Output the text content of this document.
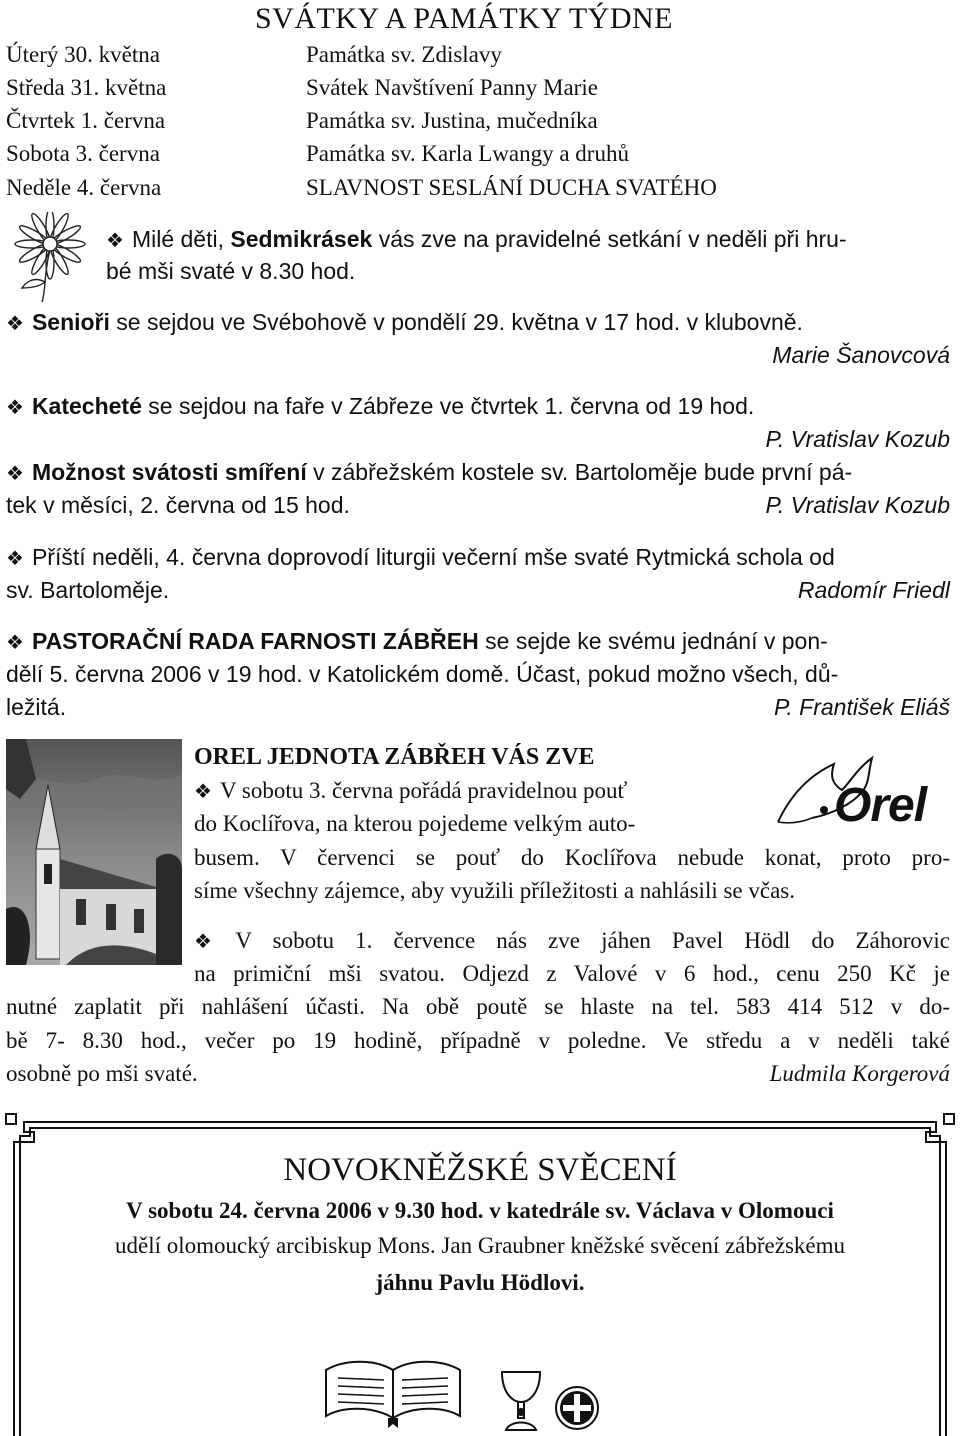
SVÁTKY A PAMÁTKY TÝDNE
Úterý 30. května	Památka sv. Zdislavy
Středa 31. května	Svátek Navštívení Panny Marie
Čtvrtek 1. června	Památka sv. Justina, mučedníka
Sobota 3. června	Památka sv. Karla Lwangy a druhů
Neděle 4. června	SLAVNOST SESLÁNÍ DUCHA SVATÉHO
❖ Milé děti, Sedmikrásek vás zve na pravidelné setkání v neděli při hru-
bé mši svaté v 8.30 hod.
❖ Senioři se sejdou ve Svébohově v pondělí 29. května v 17 hod. v klubovně.
Marie Šanovcová
❖ Katecheté se sejdou na faře v Zábřeze ve čtvrtek 1. června od 19 hod.
P. Vratislav Kozub
❖ Možnost svátosti smíření v zábřežském kostele sv. Bartoloměje bude první pá-
tek v měsíci, 2. června od 15 hod.	P. Vratislav Kozub
❖ Příští neděli, 4. června doprovodí liturgii večerní mše svaté Rytmická schola od
sv. Bartoloměje.	Radomír Friedl
❖ PASTORAČNÍ RADA FARNOSTI ZÁBŘEH se sejde ke svému jednání v pon-
dělí 5. června 2006 v 19 hod. v Katolickém domě. Účast, pokud možno všech, dů-
ležitá.	P. František Eliáš
OREL JEDNOTA ZÁBŘEH VÁS ZVE
❖ V sobotu 3. června pořádá pravidelnou pouť
do Koclířova, na kterou pojedeme velkým auto-
busem. V červenci se pouť do Koclířova nebude konat, proto pro-
síme všechny zájemce, aby využili příležitosti a nahlásili se včas.
❖ V sobotu 1. července nás zve jáhen Pavel Hödl do Záhorovic
na primiční mši svatou. Odjezd z Valové v 6 hod., cenu 250 Kč je
nutné zaplatit při nahlášení účasti. Na obě poutě se hlaste na tel. 583 414 512 v do-
bě 7- 8.30 hod., večer po 19 hodině, případně v poledne. Ve středu a v neděli také
osobně po mši svaté.	Ludmila Korgerová
Orel
NOVOKNĚŽSKÉ SVĚCENÍ
V sobotu 24. června 2006 v 9.30 hod. v katedrále sv. Václava v Olomouci
udělí olomoucký arcibiskup Mons. Jan Graubner kněžské svěcení zábřežskému
jáhnu Pavlu Hödlovi.
